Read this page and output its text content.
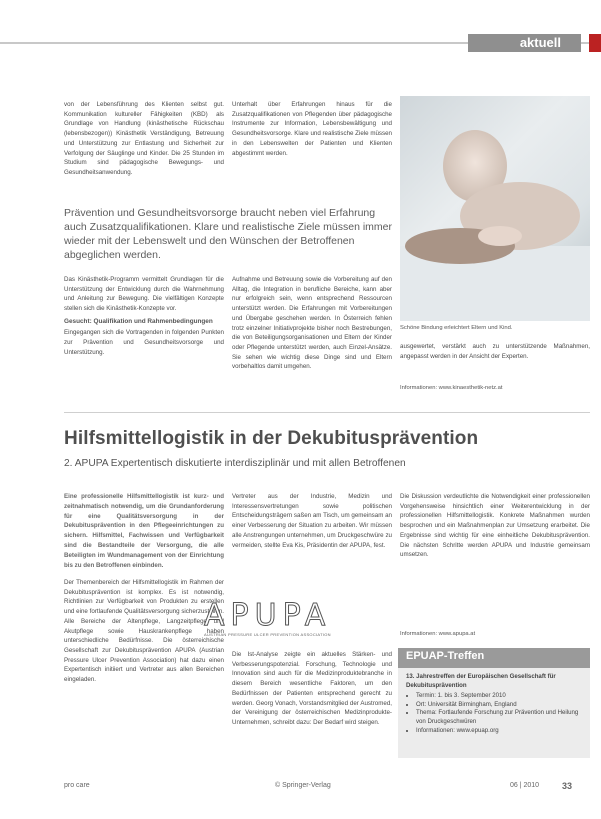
aktuell

von der Lebensführung des Klienten selbst gut. Kommunikation kultureller Fähigkeiten (KBD) als Grundlage von Handlung (kinästhetische Rückschau (lebensbezogen)) Kinästhetik Verständigung, Betreuung und Unterstützung zur Entlastung und Sicherheit zur Verfolgung der Säuglinge und Kinder. Die 25 Stunden im Studium sind pädagogische Bewegungs- und Gesundheitsanwendung.

Unterhalt über Erfahrungen hinaus für die Zusatzqualifikationen von Pflegenden über pädagogische Instrumente zur Information, Lebensbewältigung und Gesundheitsvorsorge. Klare und realistische Ziele müssen in den Lebenswelten der Patienten und Klienten abgestimmt werden.

Prävention und Gesundheitsvorsorge braucht neben viel Erfahrung auch Zusatzqualifikationen. Klare und realistische Ziele müssen immer wieder mit der Lebenswelt und den Wünschen der Betroffenen abgeglichen werden.

Das Kinästhetik-Programm vermittelt Grundlagen für die Unterstützung der Entwicklung durch die Wahrnehmung und Anleitung zur Bewegung. Die vielfältigen Konzepte stellen sich die Kinästhetik-Konzepte vor.

Gesucht: Qualifikation und Rahmenbedingungen

Eingegangen sich die Vortragenden in folgenden Punkten zur Prävention und Gesundheitsvorsorge und Unterstützung.

Aufnahme und Betreuung sowie die Vorbereitung auf den Alltag, die Integration in berufliche Bereiche, kann aber nur erfolgreich sein, wenn entsprechend Ressourcen unterstützt werden. Die Erfahrungen mit Vorbereitungen und Übergabe geschehen werden. In Österreich fehlen trotz einzelner Initiativprojekte bisher noch Bestrebungen, die von Beteiligungsorganisationen und Eltern der Kinder oder Pflegende unterstützt werden, auch Einzel-Ansätze. Sie sehen wie wichtig diese Dinge sind und Eltern vorbehaltlos damit umgehen.

Schöne Bindung erleichtert Eltern und Kind.

ausgewertet, verstärkt auch zu unterstützende Maßnahmen, angepasst werden in der Ansicht der Experten.

Informationen: www.kinaesthetik-netz.at
Hilfsmittellogistik in der Dekubitusprävention
2. APUPA Expertentisch diskutierte interdisziplinär und mit allen Betroffenen
Eine professionelle Hilfsmittellogistik ist kurz- und zeitnahmatisch notwendig, um die Grundanforderung für eine Qualitätsversorgung in der Dekubitusprävention in den Pflegeeinrichtungen zu sichern. Hilfsmittel, Fachwissen und Verfügbarkeit sind die Bestandteile der Versorgung, die alle Beteiligten im Wundmanagement von der Einrichtung bis zu den Betroffenen einbinden.

Der Themenbereich der Hilfsmittellogistik im Rahmen der Dekubitusprävention ist komplex. Es ist notwendig, Richtlinien zur Verfügbarkeit von Produkten zu erstellen und eine fortlaufende Qualitätsversorgung sicherzustellen. Alle Bereiche der Altenpflege, Langzeitpflege und Akutpflege sowie Hauskrankenpflege haben unterschiedliche Bedürfnisse. Die österreichische Gesellschaft zur Dekubitusprävention APUPA (Austrian Pressure Ulcer Prevention Association) hat dazu einen Expertentisch initiiert und Vertreter aus allen Bereichen eingeladen.

Vertreter aus der Industrie, Medizin und Interessensvertretungen sowie politischen Entscheidungsträgern saßen am Tisch, um gemeinsam an einer Verbesserung der Situation zu arbeiten. Wir müssen alle Anstrengungen unternehmen, um Druckgeschwüre zu vermeiden, stellte Eva Kis, Präsidentin der APUPA, fest.

APUPA
AUSTRIAN PRESSURE ULCER PREVENTION ASSOCIATION

Die Ist-Analyse zeigte ein aktuelles Stärken- und Verbesserungspotenzial. Forschung, Technologie und Innovation sind auch für die Medizinproduktebranche in diesem Bereich wesentliche Faktoren, um den Bedürfnissen der Patienten entsprechend gerecht zu werden. Georg Vonach, Vorstandsmitglied der Austromed, der Vereinigung der österreichischen Medizinprodukte-Unternehmen, schreibt dazu: Der Bedarf wird steigen.

Die Diskussion verdeutlichte die Notwendigkeit einer professionellen Vorgehensweise hinsichtlich einer Weiterentwicklung in der professionellen Hilfsmittellogistik. Konkrete Maßnahmen wurden besprochen und ein Maßnahmenplan zur Umsetzung erarbeitet. Die Ergebnisse sind wichtig für eine einheitliche Dekubitusprävention. Die nächsten Schritte werden APUPA und Industrie gemeinsam umsetzen.

Informationen: www.apupa.at
EPUAP-Treffen
13. Jahrestreffen der Europäischen Gesellschaft für Dekubitusprävention
• Termin: 1. bis 3. September 2010
• Ort: Universität Birmingham, England
• Thema: Fortlaufende Forschung zur Prävention und Heilung von Druckgeschwüren
• Informationen: www.epuap.org
pro care	© Springer-Verlag	06 | 2010	33
